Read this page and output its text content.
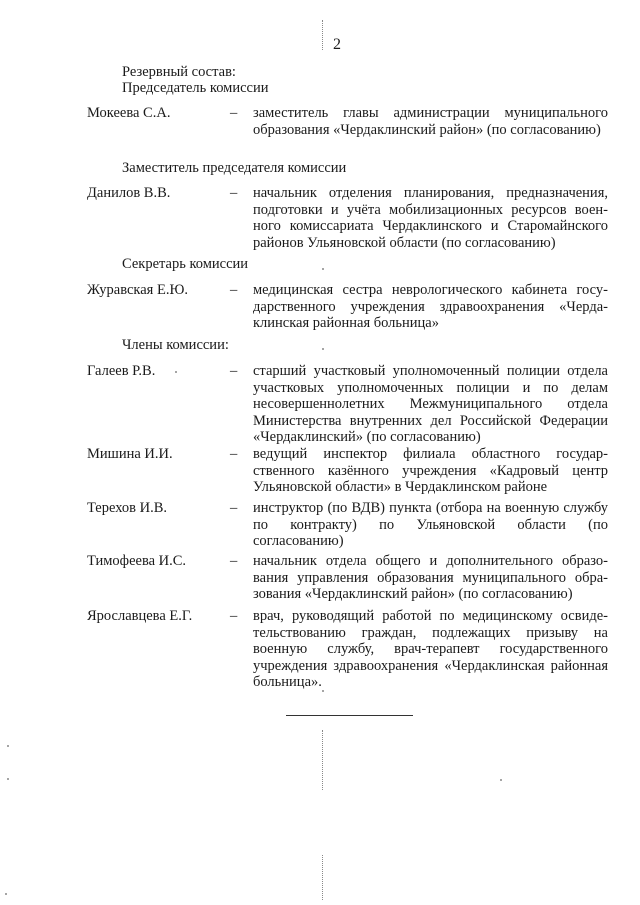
2
Резервный состав:
Председатель комиссии
Мокеева С.А.	– заместитель главы администрации муниципального образования «Чердаклинский район» (по согласованию)
Заместитель председателя комиссии
Данилов В.В.	– начальник отделения планирования, предназначения, подготовки и учёта мобилизационных ресурсов военного комиссариата Чердаклинского и Старомайнского районов Ульяновской области (по согласованию)
Секретарь комиссии
Журавская Е.Ю.	– медицинская сестра неврологического кабинета государственного учреждения здравоохранения «Чердаклинская районная больница»
Члены комиссии:
Галеев Р.В.	– старший участковый уполномоченный полиции отдела участковых уполномоченных полиции и по делам несовершеннолетних Межмуниципального отдела Министерства внутренних дел Российской Федерации «Чердаклинский» (по согласованию)
Мишина И.И.	– ведущий инспектор филиала областного государственного казённого учреждения «Кадровый центр Ульяновской области» в Чердаклинском районе
Терехов И.В.	– инструктор (по ВДВ) пункта (отбора на военную службу по контракту) по Ульяновской области (по согласованию)
Тимофеева И.С.	– начальник отдела общего и дополнительного образования управления образования муниципального образования «Чердаклинский район» (по согласованию)
Ярославцева Е.Г.	– врач, руководящий работой по медицинскому освидетельствованию граждан, подлежащих призыву на военную службу, врач-терапевт государственного учреждения здравоохранения «Чердаклинская районная больница».
